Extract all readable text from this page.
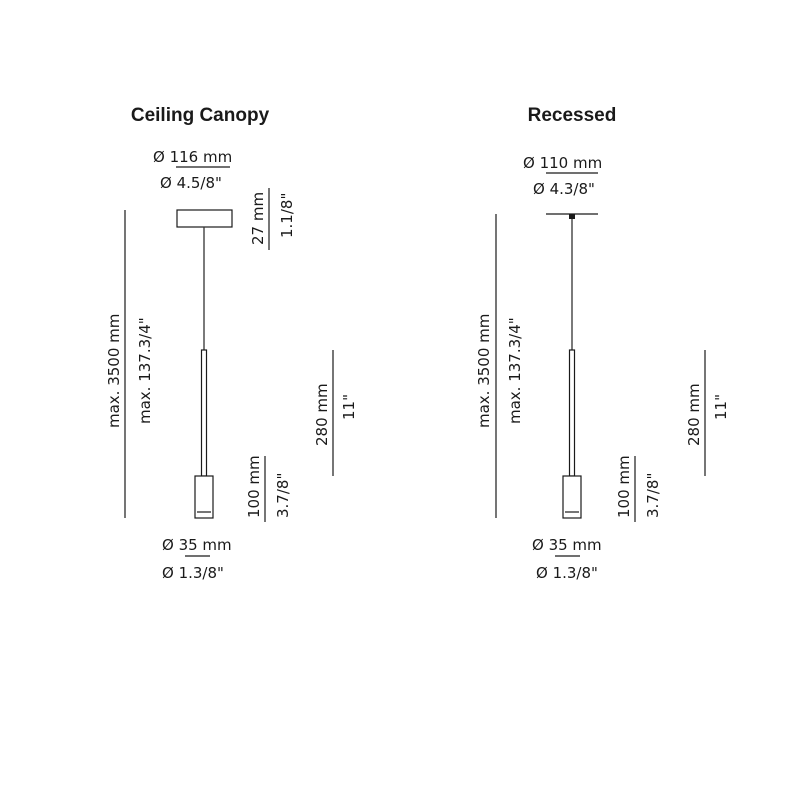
Ceiling Canopy
Ø 116 mm
Ø 4.5/8"
max. 3500 mm max. 137.3/4"
27 mm 1.1/8"
280 mm 11"
100 mm 3.7/8"
Ø 35 mm
Ø 1.3/8"
Recessed
Ø 110 mm
Ø 4.3/8"
max. 3500 mm max. 137.3/4"	280 mm 11"
100 mm 3.7/8"
Ø 35 mm
Ø 1.3/8"
